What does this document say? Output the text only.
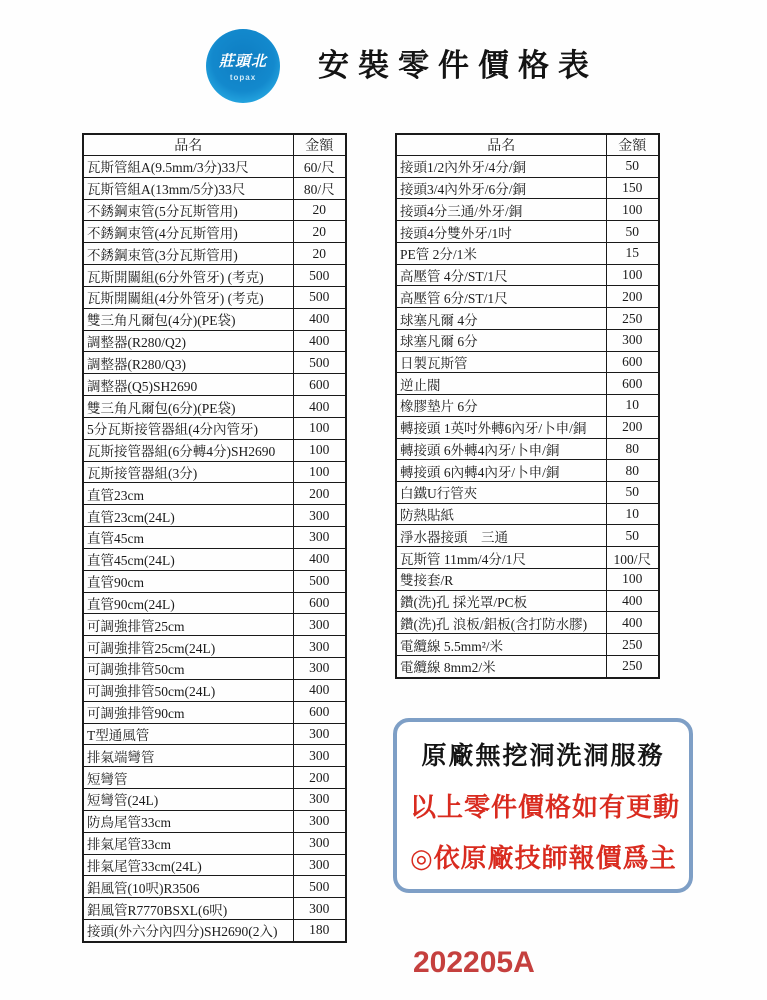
莊頭北
topax 安裝零件價格表
品名	金額
瓦斯管組A(9.5mm/3分)33尺	60/尺
瓦斯管組A(13mm/5分)33尺	80/尺
不銹鋼束管(5分瓦斯管用)	20
不銹鋼束管(4分瓦斯管用)	20
不銹鋼束管(3分瓦斯管用)	20
瓦斯開關組(6分外管牙) (考克)	500
瓦斯開關組(4分外管牙) (考克)	500
雙三角凡爾包(4分)(PE袋)	400
調整器(R280/Q2)	400
調整器(R280/Q3)	500
調整器(Q5)SH2690	600
雙三角凡爾包(6分)(PE袋)	400
5分瓦斯接管器組(4分內管牙)	100
瓦斯接管器組(6分轉4分)SH2690	100
瓦斯接管器組(3分)	100
直管23cm	200
直管23cm(24L)	300
直管45cm	300
直管45cm(24L)	400
直管90cm	500
直管90cm(24L)	600
可調強排管25cm	300
可調強排管25cm(24L)	300
可調強排管50cm	300
可調強排管50cm(24L)	400
可調強排管90cm	600
T型通風管	300
排氣端彎管	300
短彎管	200
短彎管(24L)	300
防鳥尾管33cm	300
排氣尾管33cm	300
排氣尾管33cm(24L)	300
鋁風管(10呎)R3506	500
鋁風管R7770BSXL(6呎)	300
接頭(外六分內四分)SH2690(2入)	180
品名	金額
接頭1/2內外牙/4分/銅	50
接頭3/4內外牙/6分/銅	150
接頭4分三通/外牙/銅	100
接頭4分雙外牙/1吋	50
PE管 2分/1米	15
高壓管 4分/ST/1尺	100
高壓管 6分/ST/1尺	200
球塞凡爾 4分	250
球塞凡爾 6分	300
日製瓦斯管	600
逆止閥	600
橡膠墊片 6分	10
轉接頭 1英吋外轉6內牙/卜申/銅	200
轉接頭 6外轉4內牙/卜申/銅	80
轉接頭 6內轉4內牙/卜申/銅	80
白鐵U行管夾	50
防熱貼紙	10
淨水器接頭　三通	50
瓦斯管 11mm/4分/1尺	100/尺
雙接套/R	100
鑽(洗)孔 採光罩/PC板	400
鑽(洗)孔 浪板/鋁板(含打防水膠)	400
電纜線 5.5mm²/米	250
電纜線 8mm2/米	250
原廠無挖洞洗洞服務
以上零件價格如有更動
◎依原廠技師報價爲主
202205A
